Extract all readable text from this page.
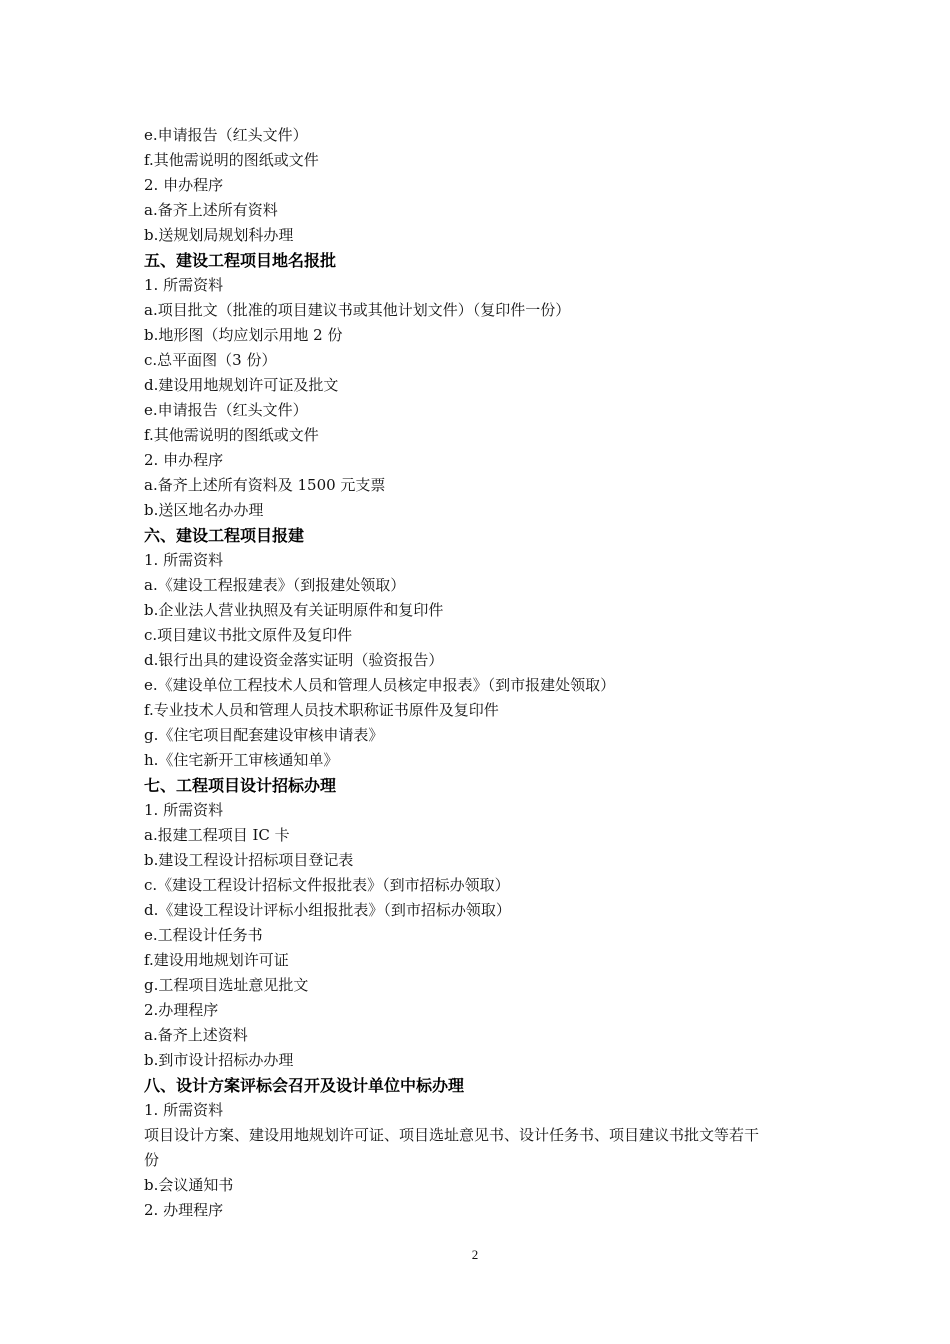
e.申请报告（红头文件）
f.其他需说明的图纸或文件
2. 申办程序
a.备齐上述所有资料
b.送规划局规划科办理
五、建设工程项目地名报批
1. 所需资料
a.项目批文（批准的项目建议书或其他计划文件）（复印件一份）
b.地形图（均应划示用地 2 份
c.总平面图（3 份）
d.建设用地规划许可证及批文
e.申请报告（红头文件）
f.其他需说明的图纸或文件
2. 申办程序
a.备齐上述所有资料及 1500 元支票
b.送区地名办办理
六、建设工程项目报建
1. 所需资料
a.《建设工程报建表》（到报建处领取）
b.企业法人营业执照及有关证明原件和复印件
c.项目建议书批文原件及复印件
d.银行出具的建设资金落实证明（验资报告）
e.《建设单位工程技术人员和管理人员核定申报表》（到市报建处领取）
f.专业技术人员和管理人员技术职称证书原件及复印件
g.《住宅项目配套建设审核申请表》
h.《住宅新开工审核通知单》
七、工程项目设计招标办理
1. 所需资料
a.报建工程项目 IC 卡
b.建设工程设计招标项目登记表
c.《建设工程设计招标文件报批表》（到市招标办领取）
d.《建设工程设计评标小组报批表》（到市招标办领取）
e.工程设计任务书
f.建设用地规划许可证
g.工程项目选址意见批文
2.办理程序
a.备齐上述资料
b.到市设计招标办办理
八、设计方案评标会召开及设计单位中标办理
1. 所需资料
项目设计方案、建设用地规划许可证、项目选址意见书、设计任务书、项目建议书批文等若干
份
b.会议通知书
2. 办理程序
2
